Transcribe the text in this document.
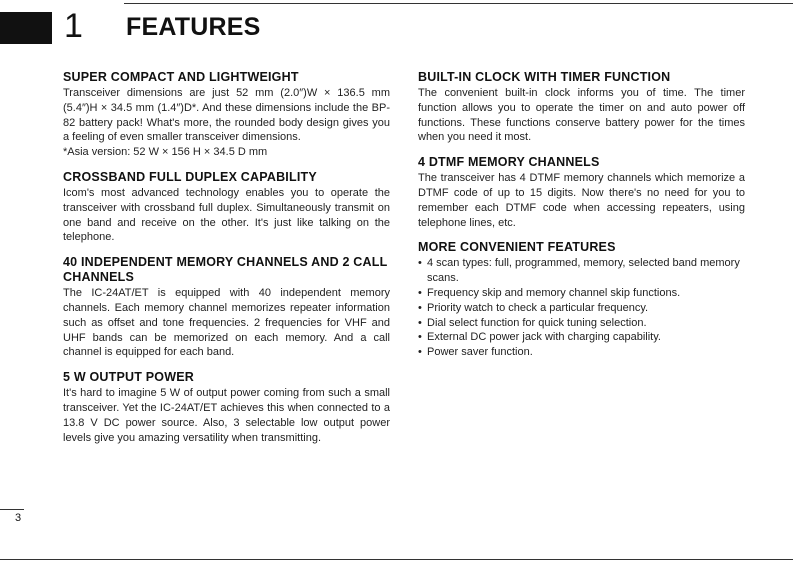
1 FEATURES
SUPER COMPACT AND LIGHTWEIGHT

Transceiver dimensions are just 52 mm (2.0″)W × 136.5 mm (5.4″)H × 34.5 mm (1.4″)D*. And these dimensions include the BP-82 battery pack! What's more, the rounded body design gives you a feeling of even smaller transceiver dimensions.
*Asia version: 52 W × 156 H × 34.5 D mm

CROSSBAND FULL DUPLEX CAPABILITY

Icom's most advanced technology enables you to operate the transceiver with crossband full duplex. Simultaneously transmit on one band and receive on the other. It's just like talking on the telephone.

40 INDEPENDENT MEMORY CHANNELS AND 2 CALL CHANNELS

The IC-24AT/ET is equipped with 40 independent memory channels. Each memory channel memorizes repeater information such as offset and tone frequencies. 2 frequencies for VHF and UHF bands can be memorized on each memory. And a call channel is equipped for each band.

5 W OUTPUT POWER

It's hard to imagine 5 W of output power coming from such a small transceiver. Yet the IC-24AT/ET achieves this when connected to a 13.8 V DC power source. Also, 3 selectable low output power levels give you amazing versatility when transmitting.

BUILT-IN CLOCK WITH TIMER FUNCTION

The convenient built-in clock informs you of time. The timer function allows you to operate the timer on and auto power off functions. These functions conserve battery power for the times when you need it most.

4 DTMF MEMORY CHANNELS

The transceiver has 4 DTMF memory channels which memorize a DTMF code of up to 15 digits. Now there's no need for you to remember each DTMF code when accessing repeaters, using telephone lines, etc.

MORE CONVENIENT FEATURES
• 4 scan types: full, programmed, memory, selected band memory scans.
• Frequency skip and memory channel skip functions.
• Priority watch to check a particular frequency.
• Dial select function for quick tuning selection.
• External DC power jack with charging capability.
• Power saver function.
3
